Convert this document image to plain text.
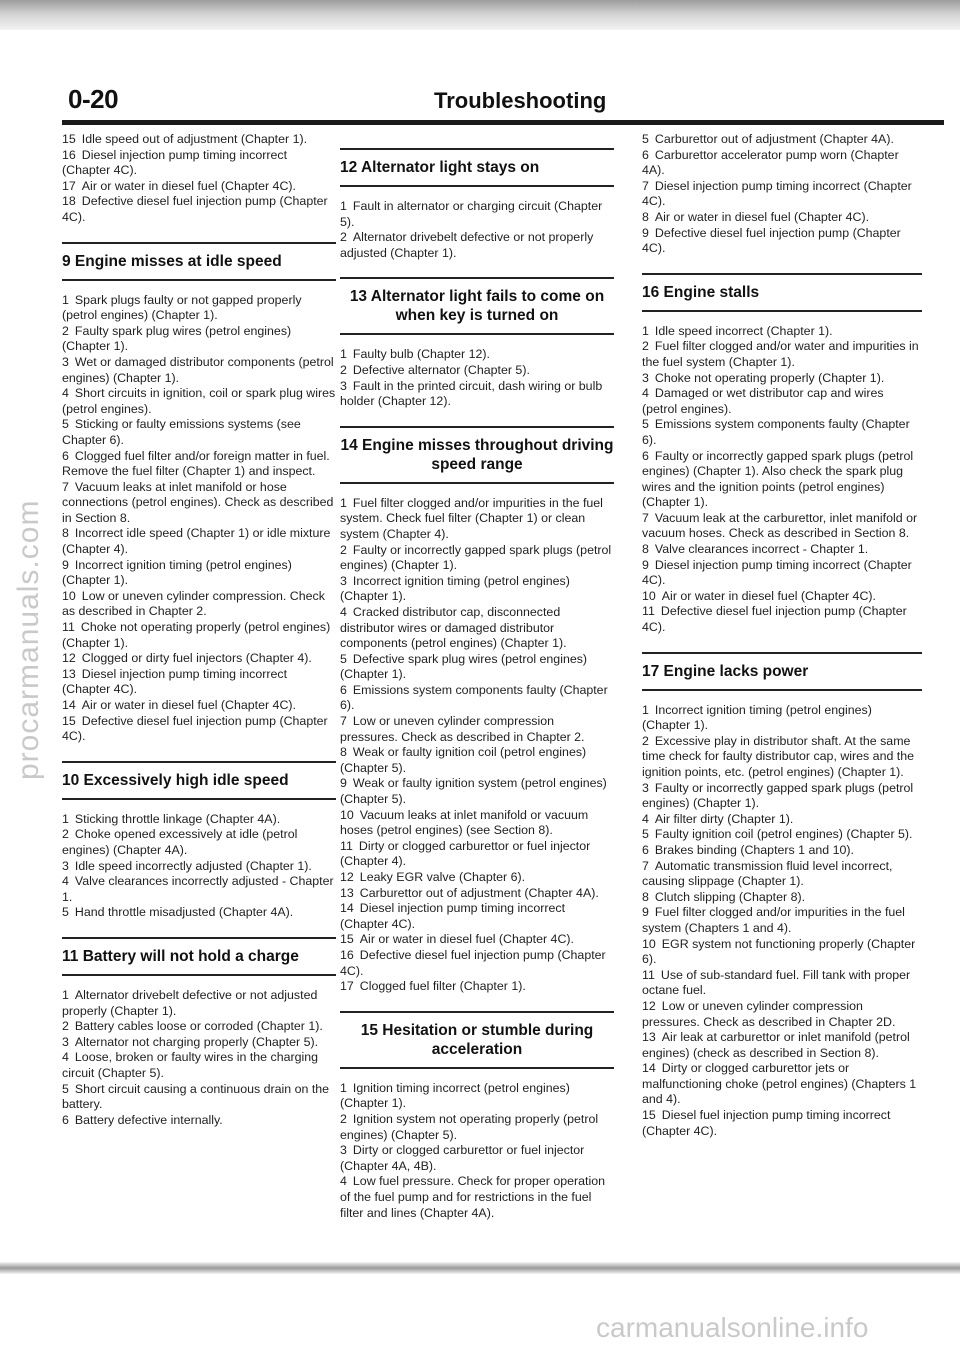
0-20	Troubleshooting

15 Idle speed out of adjustment (Chapter 1).

16 Diesel injection pump timing incorrect (Chapter 4C).

17 Air or water in diesel fuel (Chapter 4C).

18 Defective diesel fuel injection pump (Chapter 4C).

9 Engine misses at idle speed

1 Spark plugs faulty or not gapped properly (petrol engines) (Chapter 1).

2 Faulty spark plug wires (petrol engines) (Chapter 1).

3 Wet or damaged distributor components (petrol engines) (Chapter 1).

4 Short circuits in ignition, coil or spark plug wires (petrol engines).

5 Sticking or faulty emissions systems (see Chapter 6).

6 Clogged fuel filter and/or foreign matter in fuel. Remove the fuel filter (Chapter 1) and inspect.

7 Vacuum leaks at inlet manifold or hose connections (petrol engines). Check as described in Section 8.

8 Incorrect idle speed (Chapter 1) or idle mixture (Chapter 4).

9 Incorrect ignition timing (petrol engines) (Chapter 1).

10 Low or uneven cylinder compression. Check as described in Chapter 2.

11 Choke not operating properly (petrol engines) (Chapter 1).

12 Clogged or dirty fuel injectors (Chapter 4).

13 Diesel injection pump timing incorrect (Chapter 4C).

14 Air or water in diesel fuel (Chapter 4C).

15 Defective diesel fuel injection pump (Chapter 4C).

10 Excessively high idle speed

1 Sticking throttle linkage (Chapter 4A).

2 Choke opened excessively at idle (petrol engines) (Chapter 4A).

3 Idle speed incorrectly adjusted (Chapter 1).

4 Valve clearances incorrectly adjusted - Chapter 1.

5 Hand throttle misadjusted (Chapter 4A).

11 Battery will not hold a charge

1 Alternator drivebelt defective or not adjusted properly (Chapter 1).

2 Battery cables loose or corroded (Chapter 1).

3 Alternator not charging properly (Chapter 5).

4 Loose, broken or faulty wires in the charging circuit (Chapter 5).

5 Short circuit causing a continuous drain on the battery.

6 Battery defective internally.

12 Alternator light stays on

1 Fault in alternator or charging circuit (Chapter 5).

2 Alternator drivebelt defective or not properly adjusted (Chapter 1).

13 Alternator light fails to come on when key is turned on

1 Faulty bulb (Chapter 12).

2 Defective alternator (Chapter 5).

3 Fault in the printed circuit, dash wiring or bulb holder (Chapter 12).

14 Engine misses throughout driving speed range

1 Fuel filter clogged and/or impurities in the fuel system. Check fuel filter (Chapter 1) or clean system (Chapter 4).

2 Faulty or incorrectly gapped spark plugs (petrol engines) (Chapter 1).

3 Incorrect ignition timing (petrol engines) (Chapter 1).

4 Cracked distributor cap, disconnected distributor wires or damaged distributor components (petrol engines) (Chapter 1).

5 Defective spark plug wires (petrol engines) (Chapter 1).

6 Emissions system components faulty (Chapter 6).

7 Low or uneven cylinder compression pressures. Check as described in Chapter 2.

8 Weak or faulty ignition coil (petrol engines) (Chapter 5).

9 Weak or faulty ignition system (petrol engines) (Chapter 5).

10 Vacuum leaks at inlet manifold or vacuum hoses (petrol engines) (see Section 8).

11 Dirty or clogged carburettor or fuel injector (Chapter 4).

12 Leaky EGR valve (Chapter 6).

13 Carburettor out of adjustment (Chapter 4A).

14 Diesel injection pump timing incorrect (Chapter 4C).

15 Air or water in diesel fuel (Chapter 4C).

16 Defective diesel fuel injection pump (Chapter 4C).

17 Clogged fuel filter (Chapter 1).

15 Hesitation or stumble during acceleration

1 Ignition timing incorrect (petrol engines) (Chapter 1).

2 Ignition system not operating properly (petrol engines) (Chapter 5).

3 Dirty or clogged carburettor or fuel injector (Chapter 4A, 4B).

4 Low fuel pressure. Check for proper operation of the fuel pump and for restrictions in the fuel filter and lines (Chapter 4A).

5 Carburettor out of adjustment (Chapter 4A).

6 Carburettor accelerator pump worn (Chapter 4A).

7 Diesel injection pump timing incorrect (Chapter 4C).

8 Air or water in diesel fuel (Chapter 4C).

9 Defective diesel fuel injection pump (Chapter 4C).

16 Engine stalls

1 Idle speed incorrect (Chapter 1).

2 Fuel filter clogged and/or water and impurities in the fuel system (Chapter 1).

3 Choke not operating properly (Chapter 1).

4 Damaged or wet distributor cap and wires (petrol engines).

5 Emissions system components faulty (Chapter 6).

6 Faulty or incorrectly gapped spark plugs (petrol engines) (Chapter 1). Also check the spark plug wires and the ignition points (petrol engines) (Chapter 1).

7 Vacuum leak at the carburettor, inlet manifold or vacuum hoses. Check as described in Section 8.

8 Valve clearances incorrect - Chapter 1.

9 Diesel injection pump timing incorrect (Chapter 4C).

10 Air or water in diesel fuel (Chapter 4C).

11 Defective diesel fuel injection pump (Chapter 4C).

17 Engine lacks power

1 Incorrect ignition timing (petrol engines) (Chapter 1).

2 Excessive play in distributor shaft. At the same time check for faulty distributor cap, wires and the ignition points, etc. (petrol engines) (Chapter 1).

3 Faulty or incorrectly gapped spark plugs (petrol engines) (Chapter 1).

4 Air filter dirty (Chapter 1).

5 Faulty ignition coil (petrol engines) (Chapter 5).

6 Brakes binding (Chapters 1 and 10).

7 Automatic transmission fluid level incorrect, causing slippage (Chapter 1).

8 Clutch slipping (Chapter 8).

9 Fuel filter clogged and/or impurities in the fuel system (Chapters 1 and 4).

10 EGR system not functioning properly (Chapter 6).

11 Use of sub-standard fuel. Fill tank with proper octane fuel.

12 Low or uneven cylinder compression pressures. Check as described in Chapter 2D.

13 Air leak at carburettor or inlet manifold (petrol engines) (check as described in Section 8).

14 Dirty or clogged carburettor jets or malfunctioning choke (petrol engines) (Chapters 1 and 4).

15 Diesel fuel injection pump timing incorrect (Chapter 4C).

procarmanuals.com
carmanualsonline.info
